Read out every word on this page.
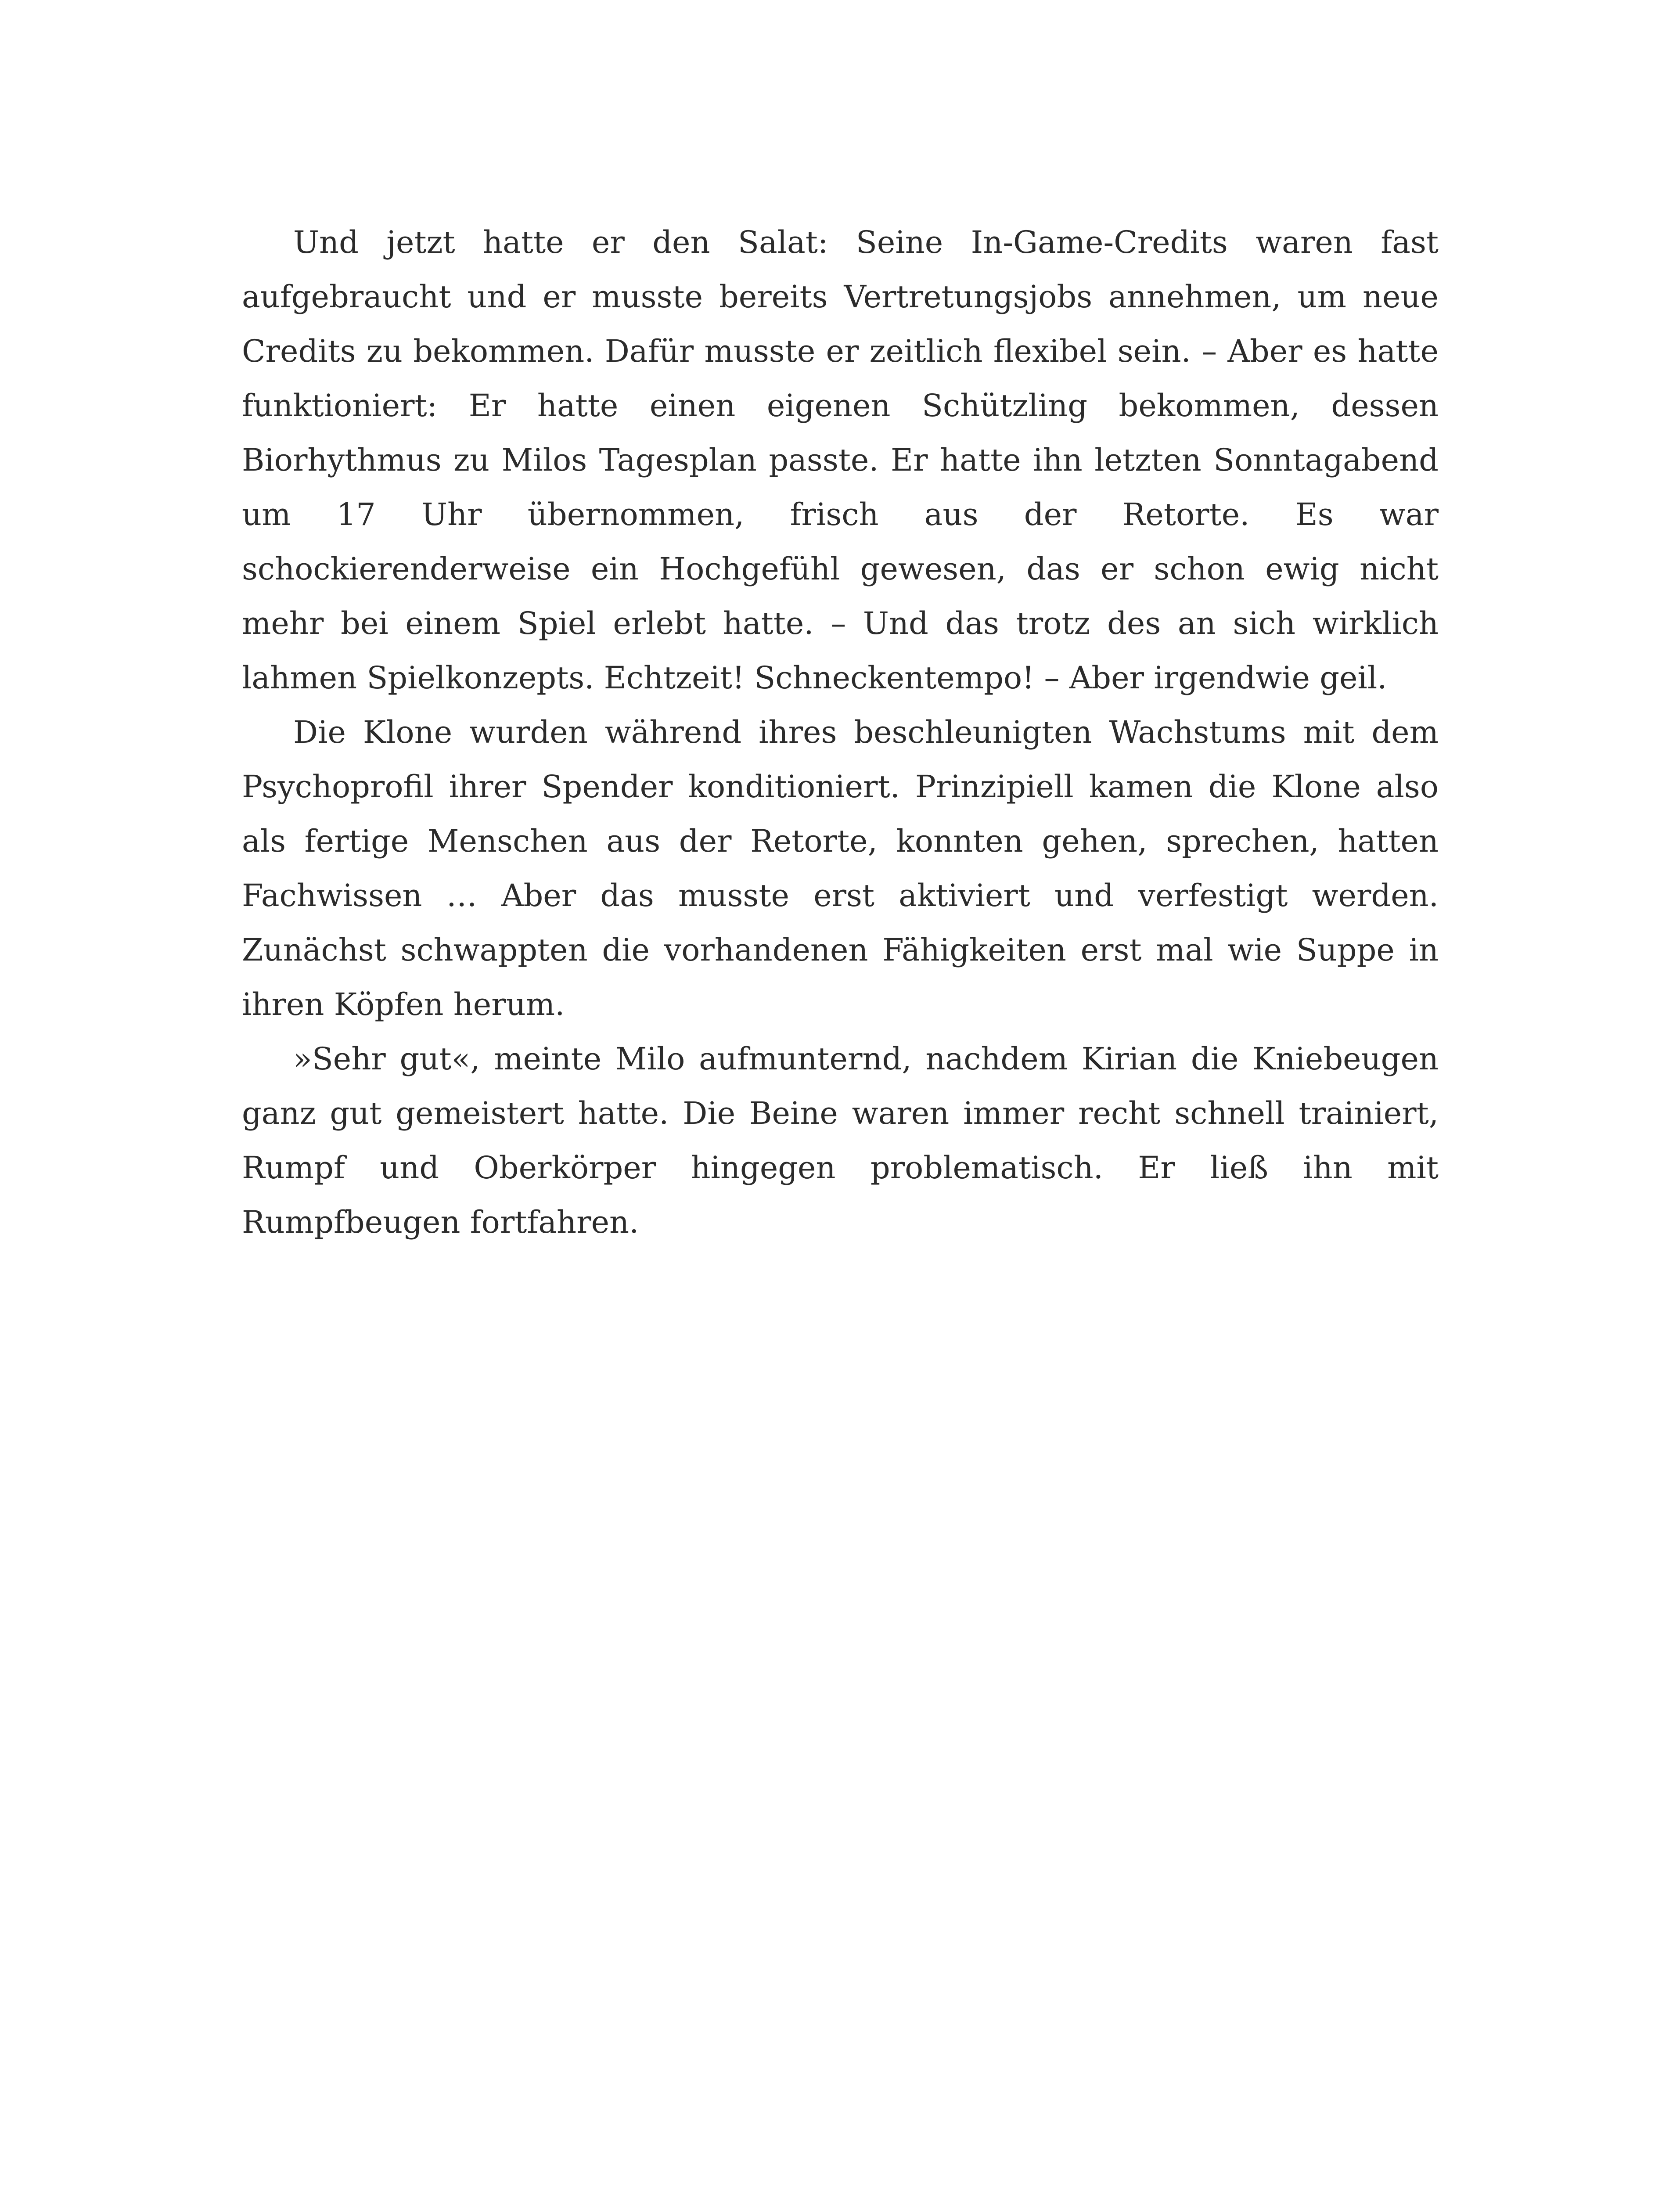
Und jetzt hatte er den Salat: Seine In-Game-Credits waren fast aufgebraucht und er musste bereits Vertretungsjobs annehmen, um neue Credits zu bekommen. Dafür musste er zeitlich flexibel sein. – Aber es hatte funktioniert: Er hatte einen eigenen Schützling bekommen, dessen Biorhythmus zu Milos Tagesplan passte. Er hatte ihn letzten Sonntagabend um 17 Uhr übernommen, frisch aus der Retorte. Es war schockierenderweise ein Hochgefühl gewesen, das er schon ewig nicht mehr bei einem Spiel erlebt hatte. – Und das trotz des an sich wirklich lahmen Spielkonzepts. Echtzeit! Schneckentempo! – Aber irgendwie geil.

Die Klone wurden während ihres beschleunigten Wachstums mit dem Psychoprofil ihrer Spender konditioniert. Prinzipiell kamen die Klone also als fertige Menschen aus der Retorte, konnten gehen, sprechen, hatten Fachwissen … Aber das musste erst aktiviert und verfestigt werden. Zunächst schwappten die vorhandenen Fähigkeiten erst mal wie Suppe in ihren Köpfen herum.

»Sehr gut«, meinte Milo aufmunternd, nachdem Kirian die Kniebeugen ganz gut gemeistert hatte. Die Beine waren immer recht schnell trainiert, Rumpf und Oberkörper hingegen problematisch. Er ließ ihn mit Rumpfbeugen fortfahren.
